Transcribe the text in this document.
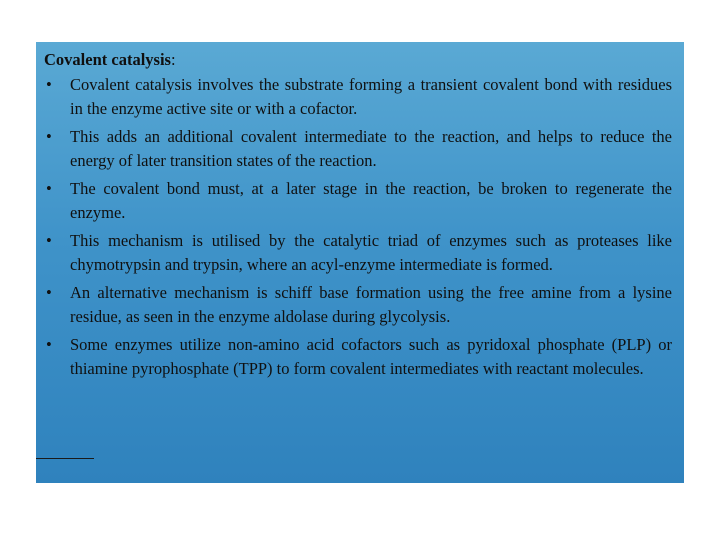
Covalent catalysis:

• Covalent catalysis involves the substrate forming a transient covalent bond with residues in the enzyme active site or with a cofactor.
• This adds an additional covalent intermediate to the reaction, and helps to reduce the energy of later transition states of the reaction.
• The covalent bond must, at a later stage in the reaction, be broken to regenerate the enzyme.
• This mechanism is utilised by the catalytic triad of enzymes such as proteases like chymotrypsin and trypsin, where an acyl-enzyme intermediate is formed.
• An alternative mechanism is schiff base formation using the free amine from a lysine residue, as seen in the enzyme aldolase during glycolysis.
• Some enzymes utilize non-amino acid cofactors such as pyridoxal phosphate (PLP) or thiamine pyrophosphate (TPP) to form covalent intermediates with reactant molecules.
